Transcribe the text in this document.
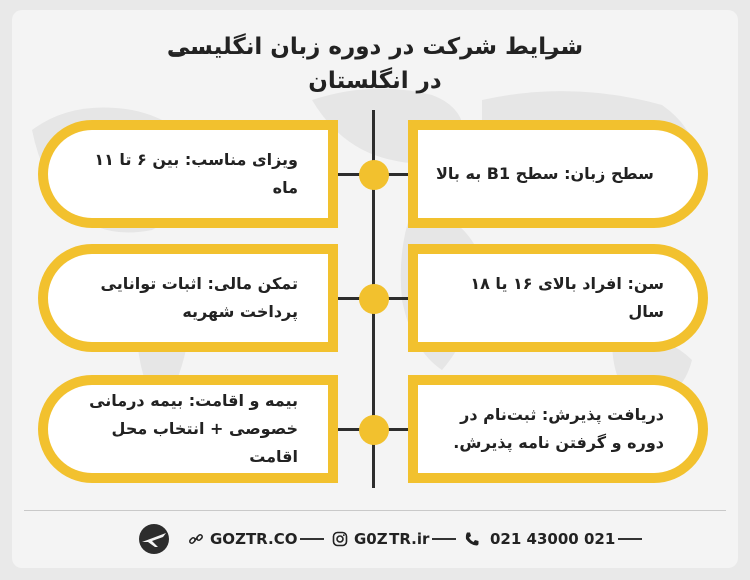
شرایط شرکت در دوره زبان انگلیسی
در انگلستان
ویزای مناسب: بین ۶ تا ۱۱ ماه
سطح زبان: سطح B1 به بالا
تمکن مالی: اثبات توانایی پرداخت شهریه
سن: افراد بالای ۱۶ یا ۱۸ سال
بیمه و اقامت: بیمه درمانی خصوصی + انتخاب محل اقامت
دریافت پذیرش: ثبت‌نام در دوره و گرفتن نامه پذیرش.
GOZTR.CO	G0Z TR.ir	021 43000 021
